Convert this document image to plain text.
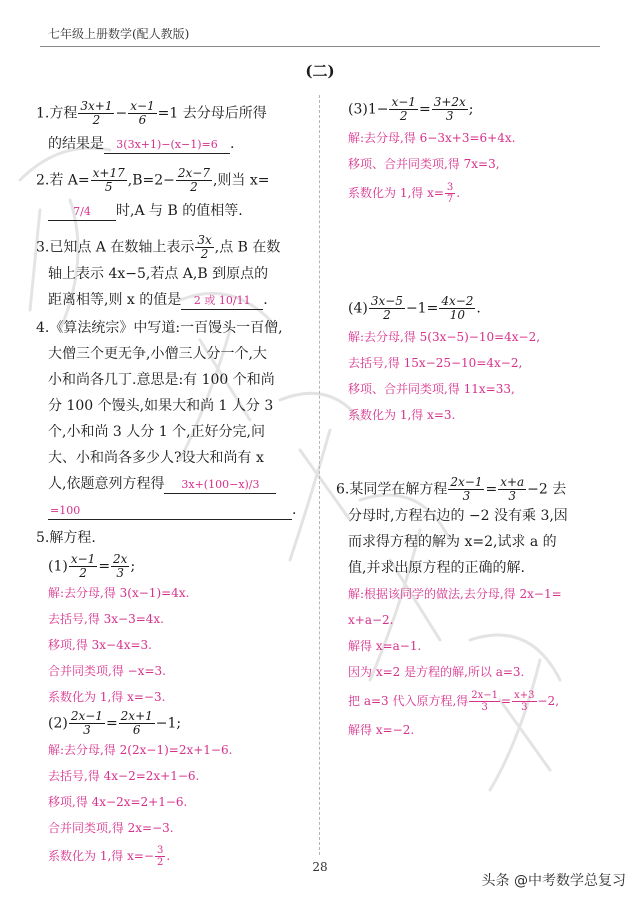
七年级上册数学(配人教版)
(二)
1.方程 $\frac{3x+1}{2} - \frac{x-1}{6} =1$ 去分母后所得
的结果是 3(3x+1)−(x−1)=6 .
2.若 $A= \frac{x+17}{5} ,B=2- \frac{2x-7}{2}$ ,则当 x=
7/4 时,A 与 B 的值相等.
3.已知点 A 在数轴上表示 $\frac{3x}{2}$ ,点 B 在数
轴上表示 4x−5,若点 A,B 到原点的
距离相等,则 x 的值是 2 或 10/11 .
4.《算法统宗》中写道:一百馒头一百僧,
大僧三个更无争,小僧三人分一个,大
小和尚各几丁.意思是:有 100 个和尚
分 100 个馒头,如果大和尚 1 人分 3
个,小和尚 3 人分 1 个,正好分完,问
大、小和尚各多少人?设大和尚有 x
人,依题意列方程得 3x+(100−x)/3
=100	.
5.解方程.
$(1) \frac{x-1}{2} = \frac{2x}{3}$ ;

解:去分母,得 3(x−1)=4x.

去括号,得 3x−3=4x.

移项,得 3x−4x=3.

合并同类项,得 −x=3.

系数化为 1,得 x=−3.

$(2) \frac{2x-1}{3} = \frac{2x+1}{6} -1$;

解:去分母,得 2(2x−1)=2x+1−6.

去括号,得 4x−2=2x+1−6.

移项,得 4x−2x=2+1−6.

合并同类项,得 2x=−3.

系数化为 1,得 $x=- \frac{3}{2}$ .

$(3)1- \frac{x-1}{2} = \frac{3+2x}{3}$ ;

解:去分母,得 6−3x+3=6+4x.

移项、合并同类项,得 7x=3,

系数化为 1,得 $x= \frac{3}{7}$ .

$(4) \frac{3x-5}{2} -1= \frac{4x-2}{10}$ .

解:去分母,得 5(3x−5)−10=4x−2,

去括号,得 15x−25−10=4x−2,

移项、合并同类项,得 11x=33,

系数化为 1,得 x=3.

6.某同学在解方程 $\frac{2x-1}{3} = \frac{x+a}{3} -2$ 去
分母时,方程右边的 −2 没有乘 3,因
而求得方程的解为 x=2,试求 a 的
值,并求出原方程的正确的解.

解:根据该同学的做法,去分母,得 2x−1=

x+a−2.

解得 x=a−1.

因为 x=2 是方程的解,所以 a=3.

把 a=3 代入原方程,得 $\frac{2x-1}{3} = \frac{x+3}{3} -2$,

解得 x=−2.

28
头条 @中考数学总复习
